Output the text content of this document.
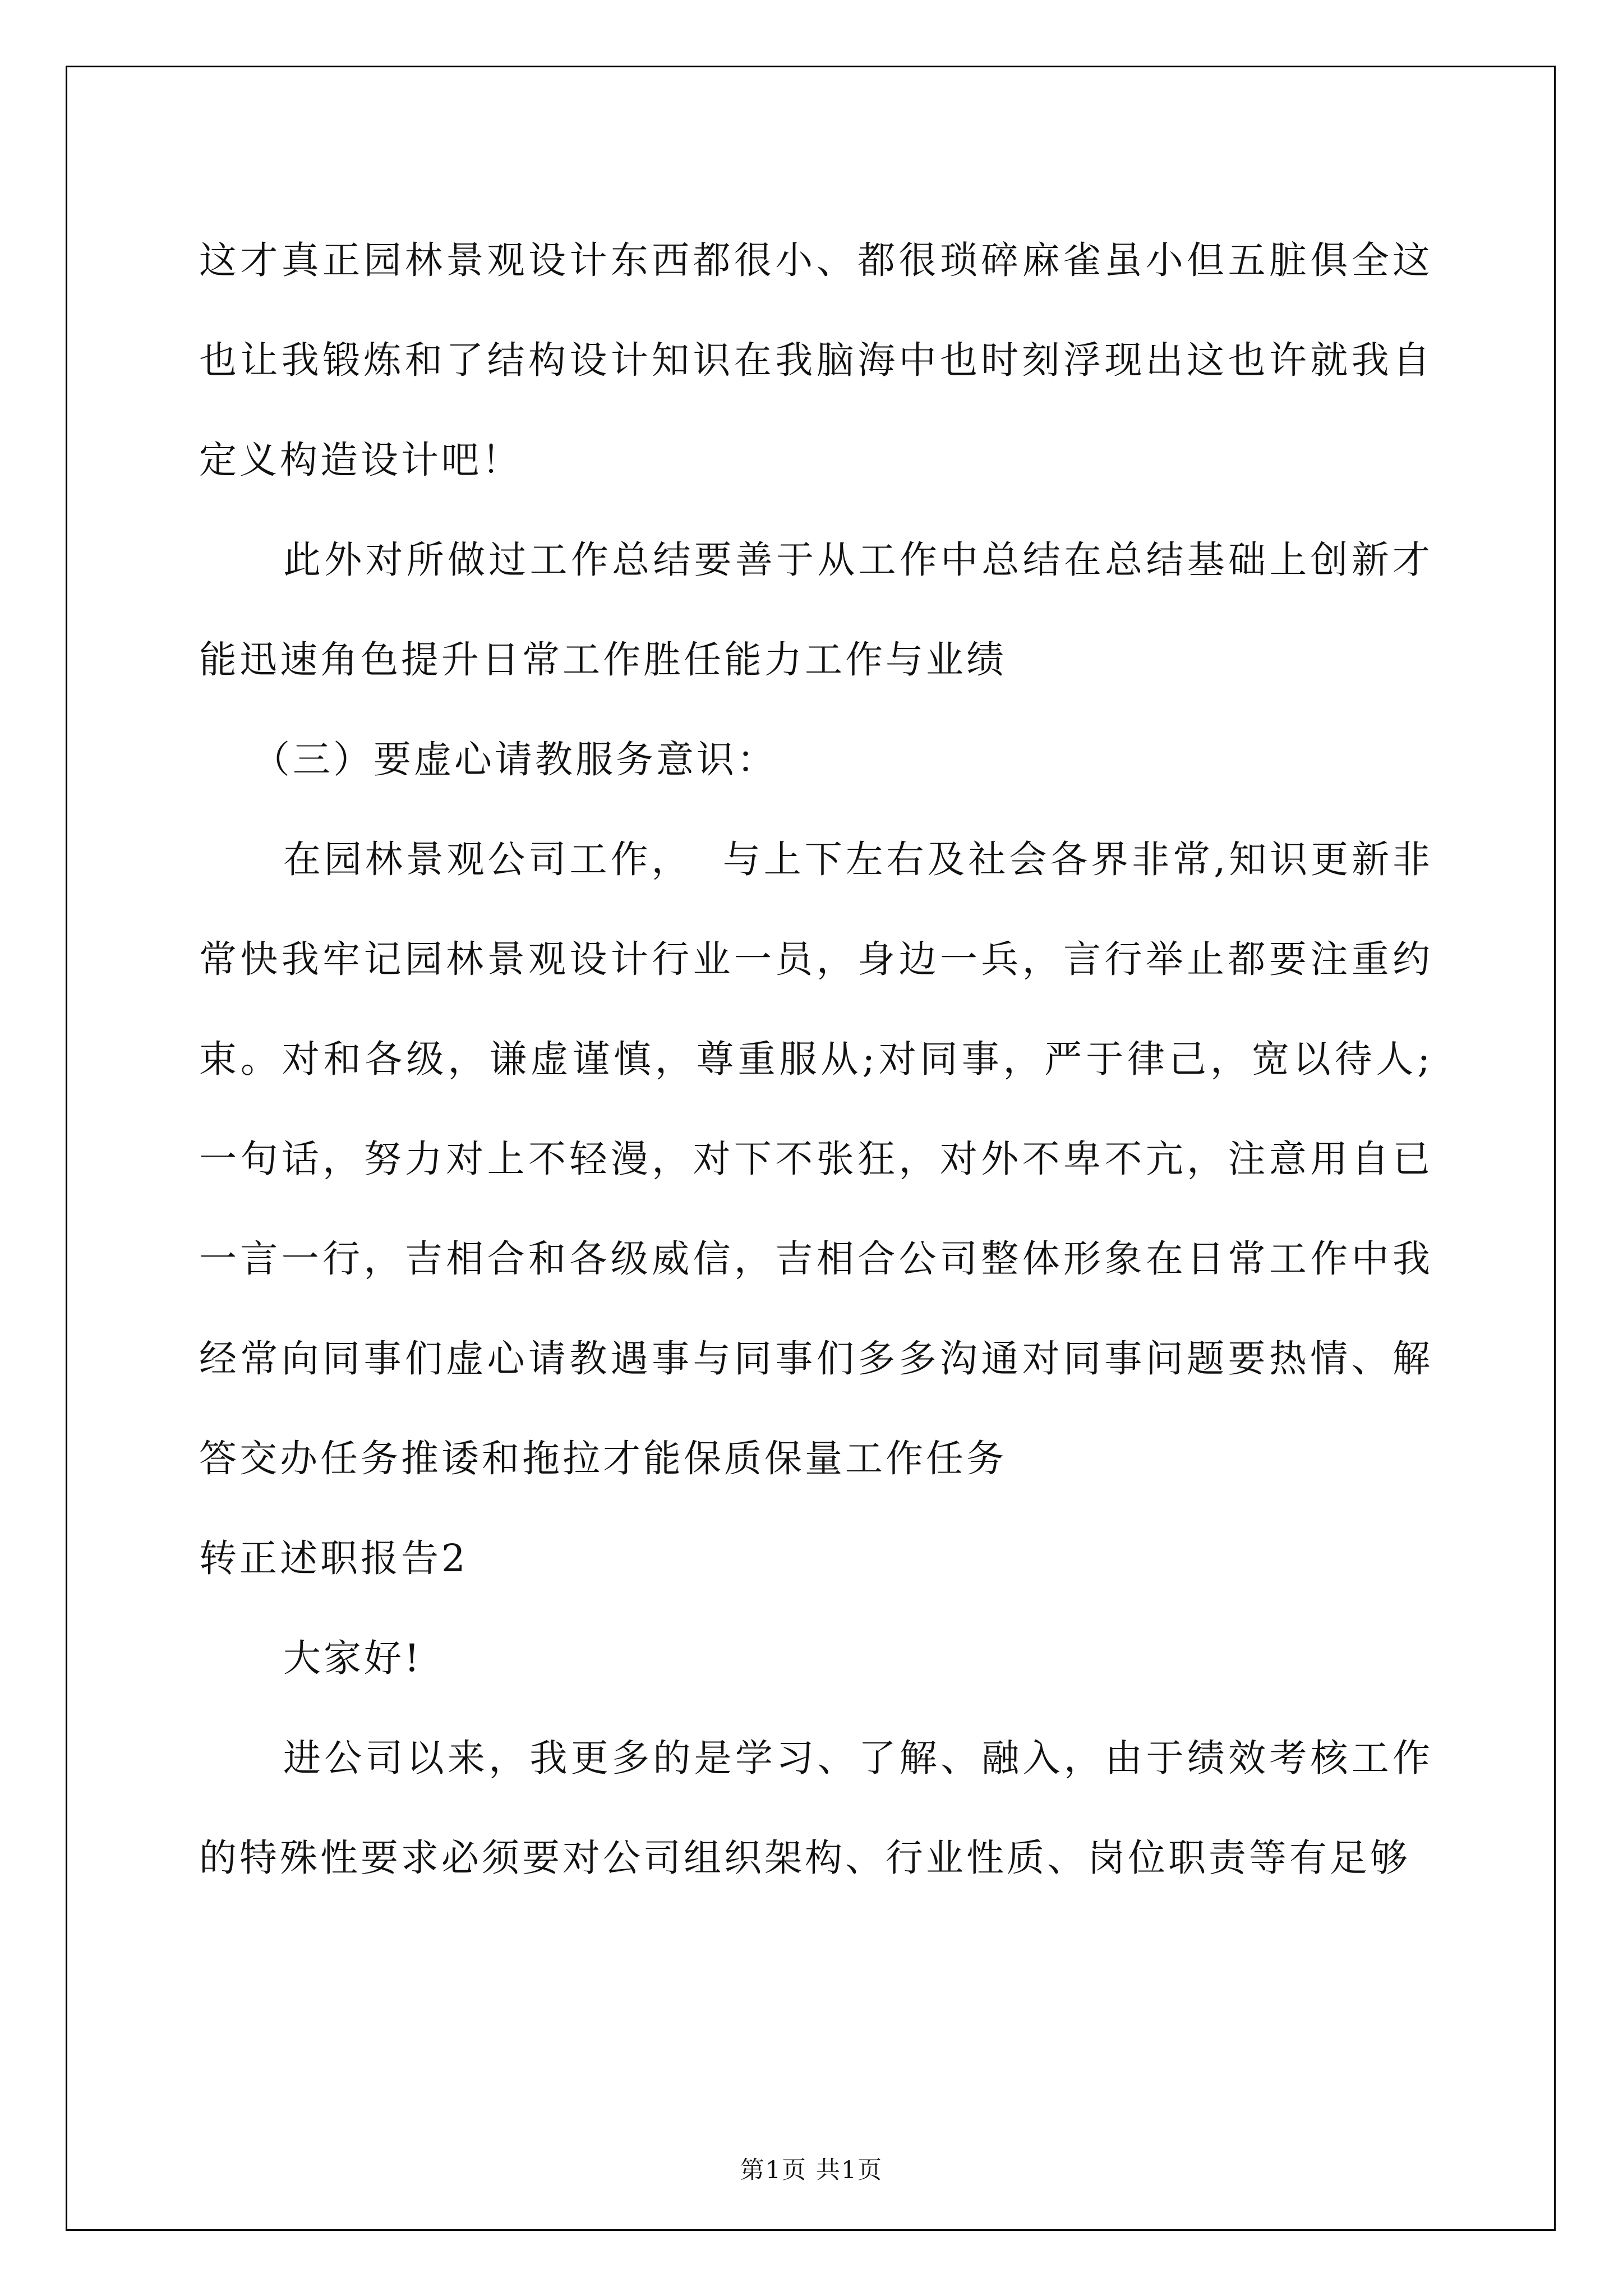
这才真正园林景观设计东西都很小、都很琐碎麻雀虽小但五脏俱全这也让我锻炼和了结构设计知识在我脑海中也时刻浮现出这也许就我自定义构造设计吧！

此外对所做过工作总结要善于从工作中总结在总结基础上创新才能迅速角色提升日常工作胜任能力工作与业绩

（三）要虚心请教服务意识：

在园林景观公司工作，  与上下左右及社会各界非常,知识更新非常快我牢记园林景观设计行业一员，身边一兵，言行举止都要注重约束。对和各级，谦虚谨慎，尊重服从;对同事，严于律己，宽以待人;一句话，努力对上不轻漫，对下不张狂，对外不卑不亢，注意用自已一言一行，吉相合和各级威信，吉相合公司整体形象在日常工作中我经常向同事们虚心请教遇事与同事们多多沟通对同事问题要热情、解答交办任务推诿和拖拉才能保质保量工作任务

转正述职报告2

大家好!

进公司以来，我更多的是学习、了解、融入，由于绩效考核工作的特殊性要求必须要对公司组织架构、行业性质、岗位职责等有足够

第1页 共1页
